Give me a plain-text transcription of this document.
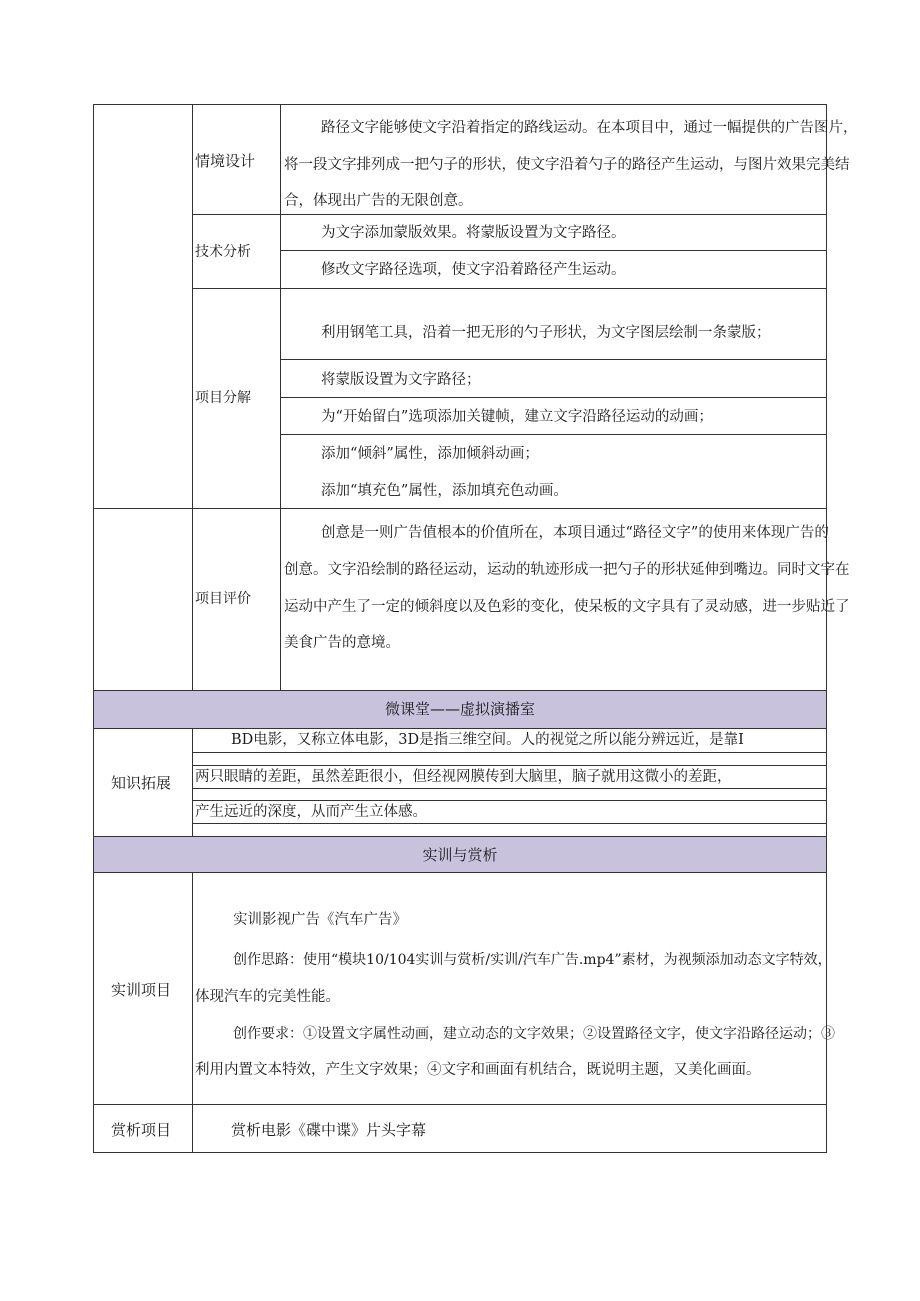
情境设计
路径文字能够使文字沿着指定的路线运动。在本项目中，通过一幅提供的广告图片，
将一段文字排列成一把勺子的形状，使文字沿着勺子的路径产生运动，与图片效果完美结
合，体现出广告的无限创意。
技术分析
为文字添加蒙版效果。将蒙版设置为文字路径。
修改文字路径选项，使文字沿着路径产生运动。
项目分解
利用钢笔工具，沿着一把无形的勺子形状，为文字图层绘制一条蒙版；
将蒙版设置为文字路径；
为“开始留白”选项添加关键帧，建立文字沿路径运动的动画；
添加“倾斜”属性，添加倾斜动画；
添加“填充色”属性，添加填充色动画。
项目评价
创意是一则广告值根本的价值所在，本项目通过“路径文字”的使用来体现广告的
创意。文字沿绘制的路径运动，运动的轨迹形成一把勺子的形状延伸到嘴边。同时文字在
运动中产生了一定的倾斜度以及色彩的变化，使呆板的文字具有了灵动感，进一步贴近了
美食广告的意境。
微课堂——虚拟演播室
知识拓展
BD电影，又称立体电影，3D是指三维空间。人的视觉之所以能分辨远近，是靠I
两只眼睛的差距，虽然差距很小，但经视网膜传到大脑里，脑子就用这微小的差距，
产生远近的深度，从而产生立体感。
实训与赏析
实训项目
实训影视广告《汽车广告》
创作思路：使用“模块10/104实训与赏析/实训/汽车广告.mp4”素材，为视频添加动态文字特效，
体现汽车的完美性能。
创作要求：①设置文字属性动画，建立动态的文字效果；②设置路径文字，使文字沿路径运动；③
利用内置文本特效，产生文字效果；④文字和画面有机结合，既说明主题，又美化画面。
赏析项目	赏析电影《碟中谍》片头字幕
